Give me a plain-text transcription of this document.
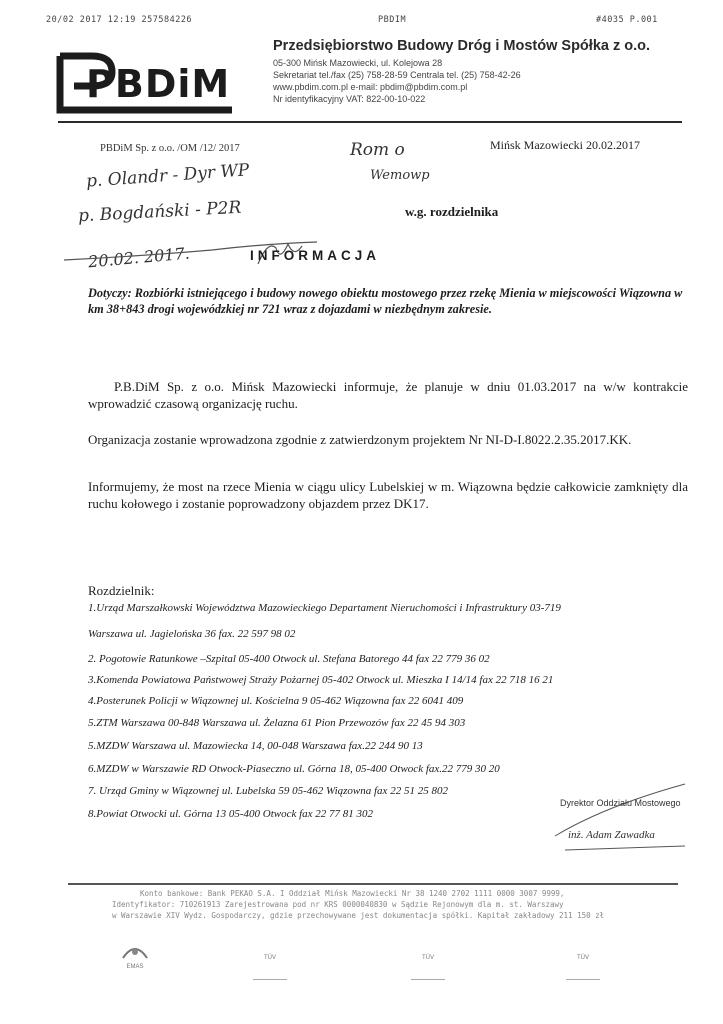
20/02 2017 12:19 257584226	PBDIM	#4035 P.001
PBDiM
Przedsiębiorstwo Budowy Dróg i Mostów Spółka z o.o.
05-300 Mińsk Mazowiecki, ul. Kolejowa 28
Sekretariat tel./fax (25) 758-28-59 Centrala tel. (25) 758-42-26
www.pbdim.com.pl e-mail: pbdim@pbdim.com.pl
Nr identyfikacyjny VAT: 822-00-10-022
PBDiM Sp. z o.o. /OM /12/ 2017	Mińsk Mazowiecki 20.02.2017
Rom o
Wemowp
p. Olandr - Dyr WP
p. Bogdański - P2R
20.02. 2017.
w.g. rozdzielnika
INFORMACJA
Dotyczy: Rozbiórki istniejącego i budowy nowego obiektu mostowego przez rzekę Mienia w miejscowości Wiązowna w km 38+843 drogi wojewódzkiej nr 721 wraz z dojazdami w niezbędnym zakresie.
P.B.DiM Sp. z o.o. Mińsk Mazowiecki informuje, że planuje w dniu 01.03.2017 na w/w kontrakcie wprowadzić czasową organizację ruchu.
Organizacja zostanie wprowadzona zgodnie z zatwierdzonym projektem Nr NI-D-I.8022.2.35.2017.KK.
Informujemy, że most na rzece Mienia w ciągu ulicy Lubelskiej w m. Wiązowna będzie całkowicie zamknięty dla ruchu kołowego i zostanie poprowadzony objazdem przez DK17.
Rozdzielnik:
1.Urząd Marszałkowski Województwa Mazowieckiego Departament Nieruchomości i Infrastruktury 03-719
Warszawa ul. Jagielońska 36 fax. 22 597 98 02
2. Pogotowie Ratunkowe –Szpital 05-400 Otwock ul. Stefana Batorego 44 fax 22 779 36 02
3.Komenda Powiatowa Państwowej Straży Pożarnej 05-402 Otwock ul. Mieszka I 14/14 fax 22 718 16 21
4.Posterunek Policji w Wiązownej ul. Kościelna 9 05-462 Wiązowna fax 22 6041 409
5.ZTM Warszawa 00-848 Warszawa ul. Żelazna 61 Pion Przewozów fax 22 45 94 303
5.MZDW Warszawa ul. Mazowiecka 14, 00-048 Warszawa fax.22 244 90 13
6.MZDW w Warszawie RD Otwock-Piaseczno ul. Górna 18, 05-400 Otwock fax.22 779 30 20
7. Urząd Gminy w Wiązownej ul. Lubelska 59 05-462 Wiązowna fax 22 51 25 802
8.Powiat Otwocki ul. Górna 13 05-400 Otwock fax 22 77 81 302
Dyrektor Oddziału Mostowego
inż. Adam Zawadka
Konto bankowe: Bank PEKAO S.A. I Oddział Mińsk Mazowiecki Nr 38 1240 2702 1111 0000 3007 9999,
Identyfikator: 710261913 Zarejestrowana pod nr KRS 0000040830 w Sądzie Rejonowym dla m. st. Warszawy
w Warszawie XIV Wydz. Gospodarczy, gdzie przechowywane jest dokumentacja spółki. Kapitał zakładowy 211 150 zł
EMAS
TÜV	TÜV	TÜV
